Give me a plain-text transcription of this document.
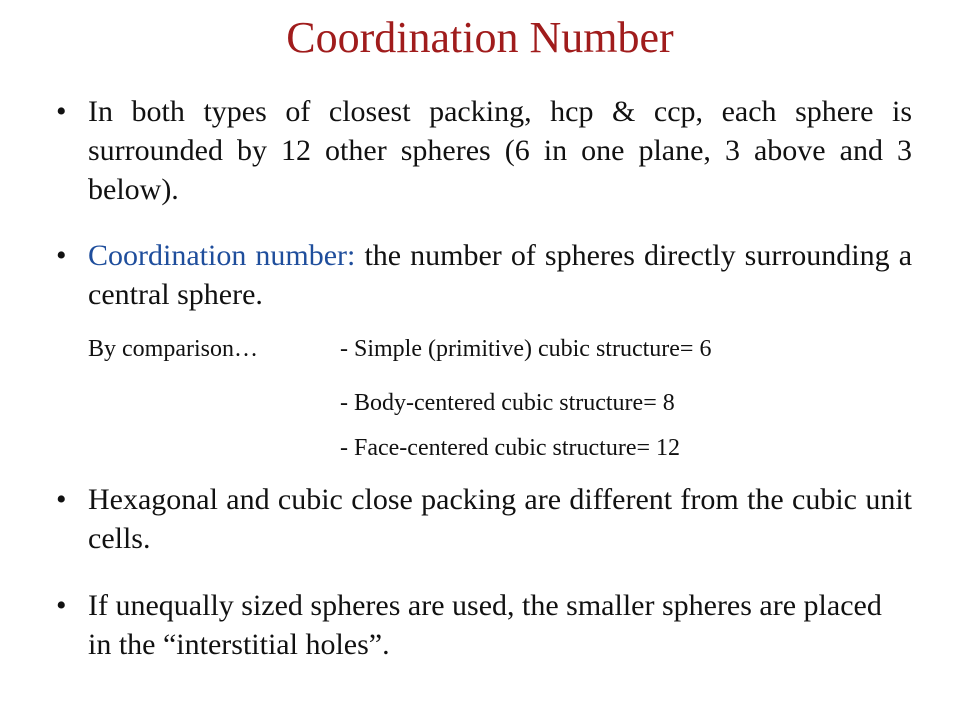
Coordination Number
• In both types of closest packing, hcp & ccp, each sphere is surrounded by 12 other spheres (6 in one plane, 3 above and 3 below).
• Coordination number: the number of spheres directly surrounding a central sphere.
By comparison…	- Simple (primitive) cubic structure= 6
- Body-centered cubic structure= 8
- Face-centered cubic structure= 12
• Hexagonal and cubic close packing are different from the cubic unit cells.
• If unequally sized spheres are used, the smaller spheres are placed in the “interstitial holes”.
